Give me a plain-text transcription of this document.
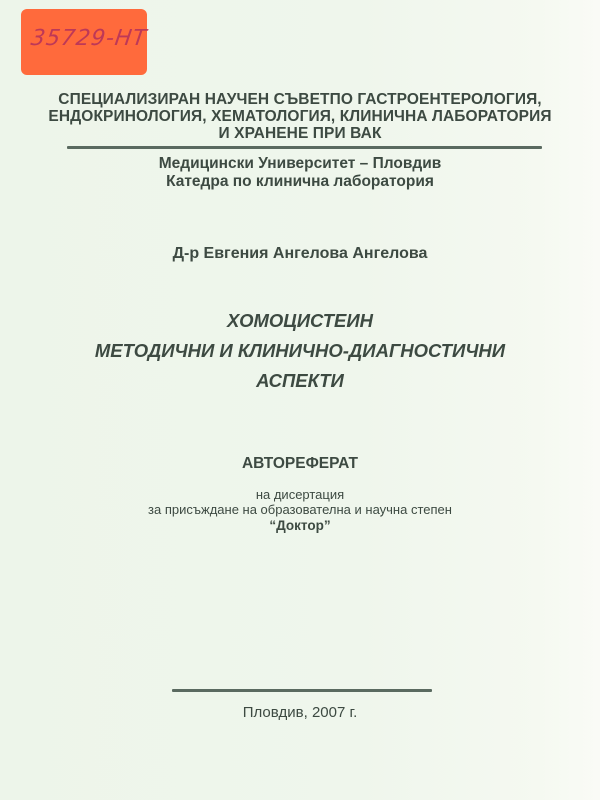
35729-НТ
СПЕЦИАЛИЗИРАН НАУЧЕН СЪВЕТПО ГАСТРОЕНТЕРОЛОГИЯ,
ЕНДОКРИНОЛОГИЯ, ХЕМАТОЛОГИЯ, КЛИНИЧНА ЛАБОРАТОРИЯ
И ХРАНЕНЕ ПРИ ВАК
Медицински Университет – Пловдив
Катедра по клинична лаборатория
Д-р Евгения Ангелова Ангелова
ХОМОЦИСТЕИН
МЕТОДИЧНИ И КЛИНИЧНО-ДИАГНОСТИЧНИ
АСПЕКТИ
АВТОРЕФЕРАТ
на дисертация
за присъждане на образователна и научна степен
“Доктор”
Пловдив, 2007 г.
